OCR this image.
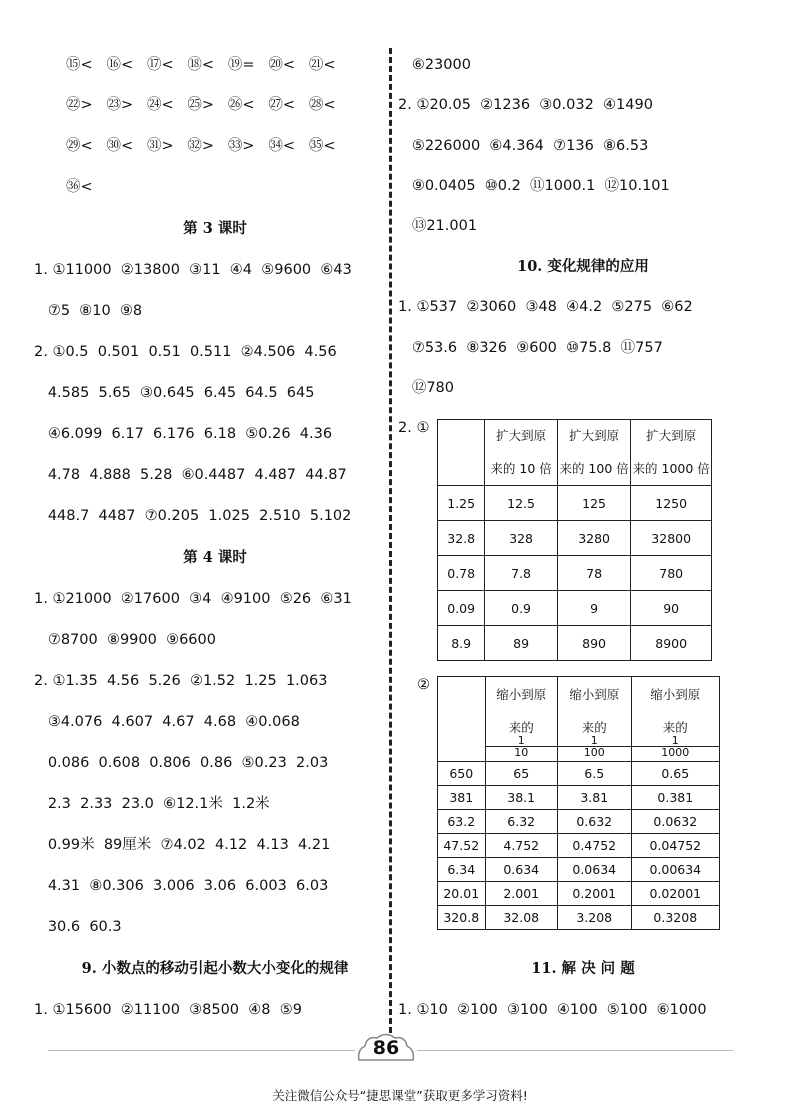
⑮<   ⑯<   ⑰<   ⑱<   ⑲=   ⑳<   ㉑<
㉒>   ㉓>   ㉔<   ㉕>   ㉖<   ㉗<   ㉘<
㉙<   ㉚<   ㉛>   ㉜>   ㉝>   ㉞<   ㉟<
㊱<
第 3 课时
1. ①11000  ②13800  ③11  ④4  ⑤9600  ⑥43
⑦5  ⑧10  ⑨8
2. ①0.5  0.501  0.51  0.511  ②4.506  4.56
4.585  5.65  ③0.645  6.45  64.5  645
④6.099  6.17  6.176  6.18  ⑤0.26  4.36
4.78  4.888  5.28  ⑥0.4487  4.487  44.87
448.7  4487  ⑦0.205  1.025  2.510  5.102
第 4 课时
1. ①21000  ②17600  ③4  ④9100  ⑤26  ⑥31
⑦8700  ⑧9900  ⑨6600
2. ①1.35  4.56  5.26  ②1.52  1.25  1.063
③4.076  4.607  4.67  4.68  ④0.068
0.086  0.608  0.806  0.86  ⑤0.23  2.03
2.3  2.33  23.0  ⑥12.1米  1.2米
0.99米  89厘米  ⑦4.02  4.12  4.13  4.21
4.31  ⑧0.306  3.006  3.06  6.003  6.03
30.6  60.3
9. 小数点的移动引起小数大小变化的规律
1. ①15600  ②11100  ③8500  ④8  ⑤9
⑥23000
2. ①20.05  ②1236  ③0.032  ④1490
⑤226000  ⑥4.364  ⑦136  ⑧6.53
⑨0.0405  ⑩0.2  ⑪1000.1  ⑫10.101
⑬21.001
10. 变化规律的应用
1. ①537  ②3060  ③48  ④4.2  ⑤275  ⑥62
⑦53.6  ⑧326  ⑨600  ⑩75.8  ⑪757
⑫780
2. ①

	扩大到原
来的 10 倍	扩大到原
来的 100 倍	扩大到原
来的 1000 倍

1.25	12.5	125	1250
32.8	328	3280	32800
0.78	7.8	78	780
0.09	0.9	9	90
8.9	89	890	8900
②

	缩小到原
来的
1
10	缩小到原
来的
1
100	缩小到原
来的
1
1000

650	65	6.5	0.65
381	38.1	3.81	0.381
63.2	6.32	0.632	0.0632
47.52	4.752	0.4752	0.04752
6.34	0.634	0.0634	0.00634
20.01	2.001	0.2001	0.02001
320.8	32.08	3.208	0.3208
11. 解 决 问 题
1. ①10  ②100  ③100  ④100  ⑤100  ⑥1000
86
关注微信公众号“捷思课堂”获取更多学习资料!
